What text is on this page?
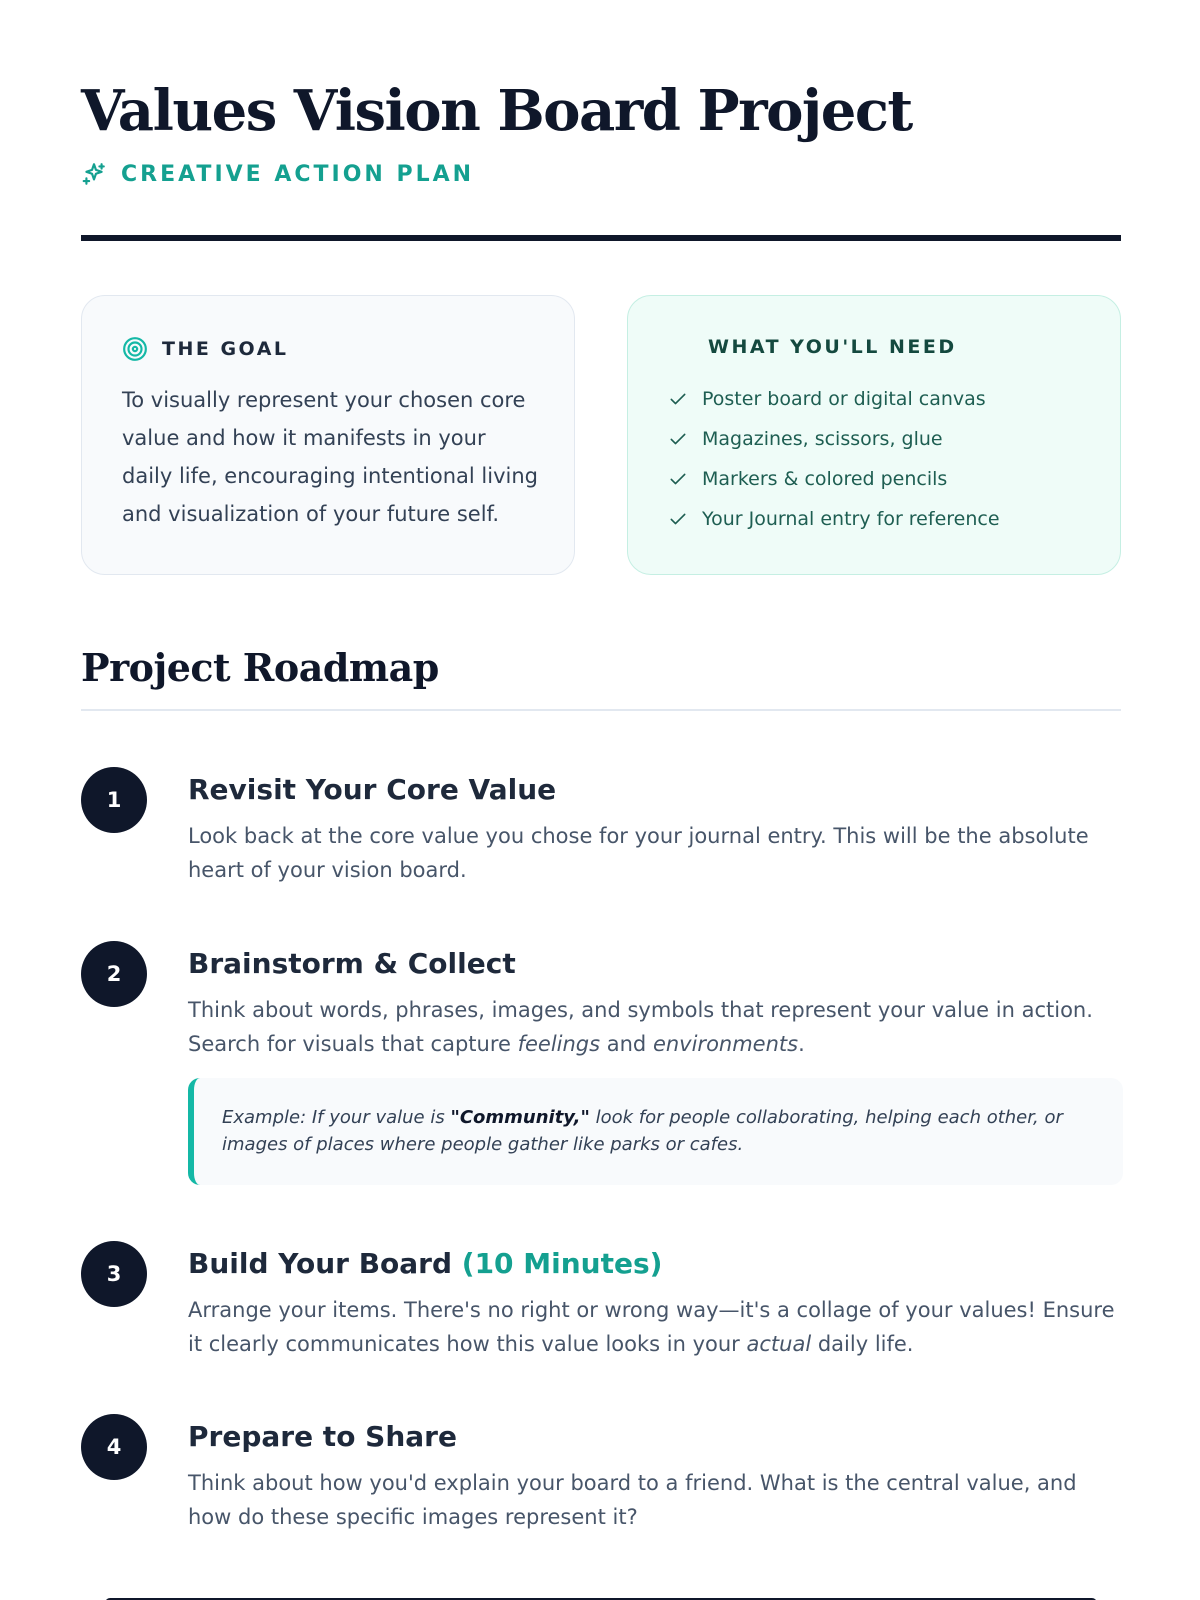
Values Vision Board Project
CREATIVE ACTION PLAN
THE GOAL

To visually represent your chosen core value and how it manifests in your daily life, encouraging intentional living and visualization of your future self.

WHAT YOU'LL NEED
Poster board or digital canvas
Magazines, scissors, glue
Markers & colored pencils
Your Journal entry for reference
Project Roadmap
1	Revisit Your Core Value

Look back at the core value you chose for your journal entry. This will be the absolute heart of your vision board.

2	Brainstorm & Collect

Think about words, phrases, images, and symbols that represent your value in action. Search for visuals that capture feelings and environments.

Example: If your value is "Community," look for people collaborating, helping each other, or images of places where people gather like parks or cafes.
3	Build Your Board (10 Minutes)

Arrange your items. There's no right or wrong way—it's a collage of your values! Ensure it clearly communicates how this value looks in your actual daily life.

4	Prepare to Share

Think about how you'd explain your board to a friend. What is the central value, and how do these specific images represent it?
